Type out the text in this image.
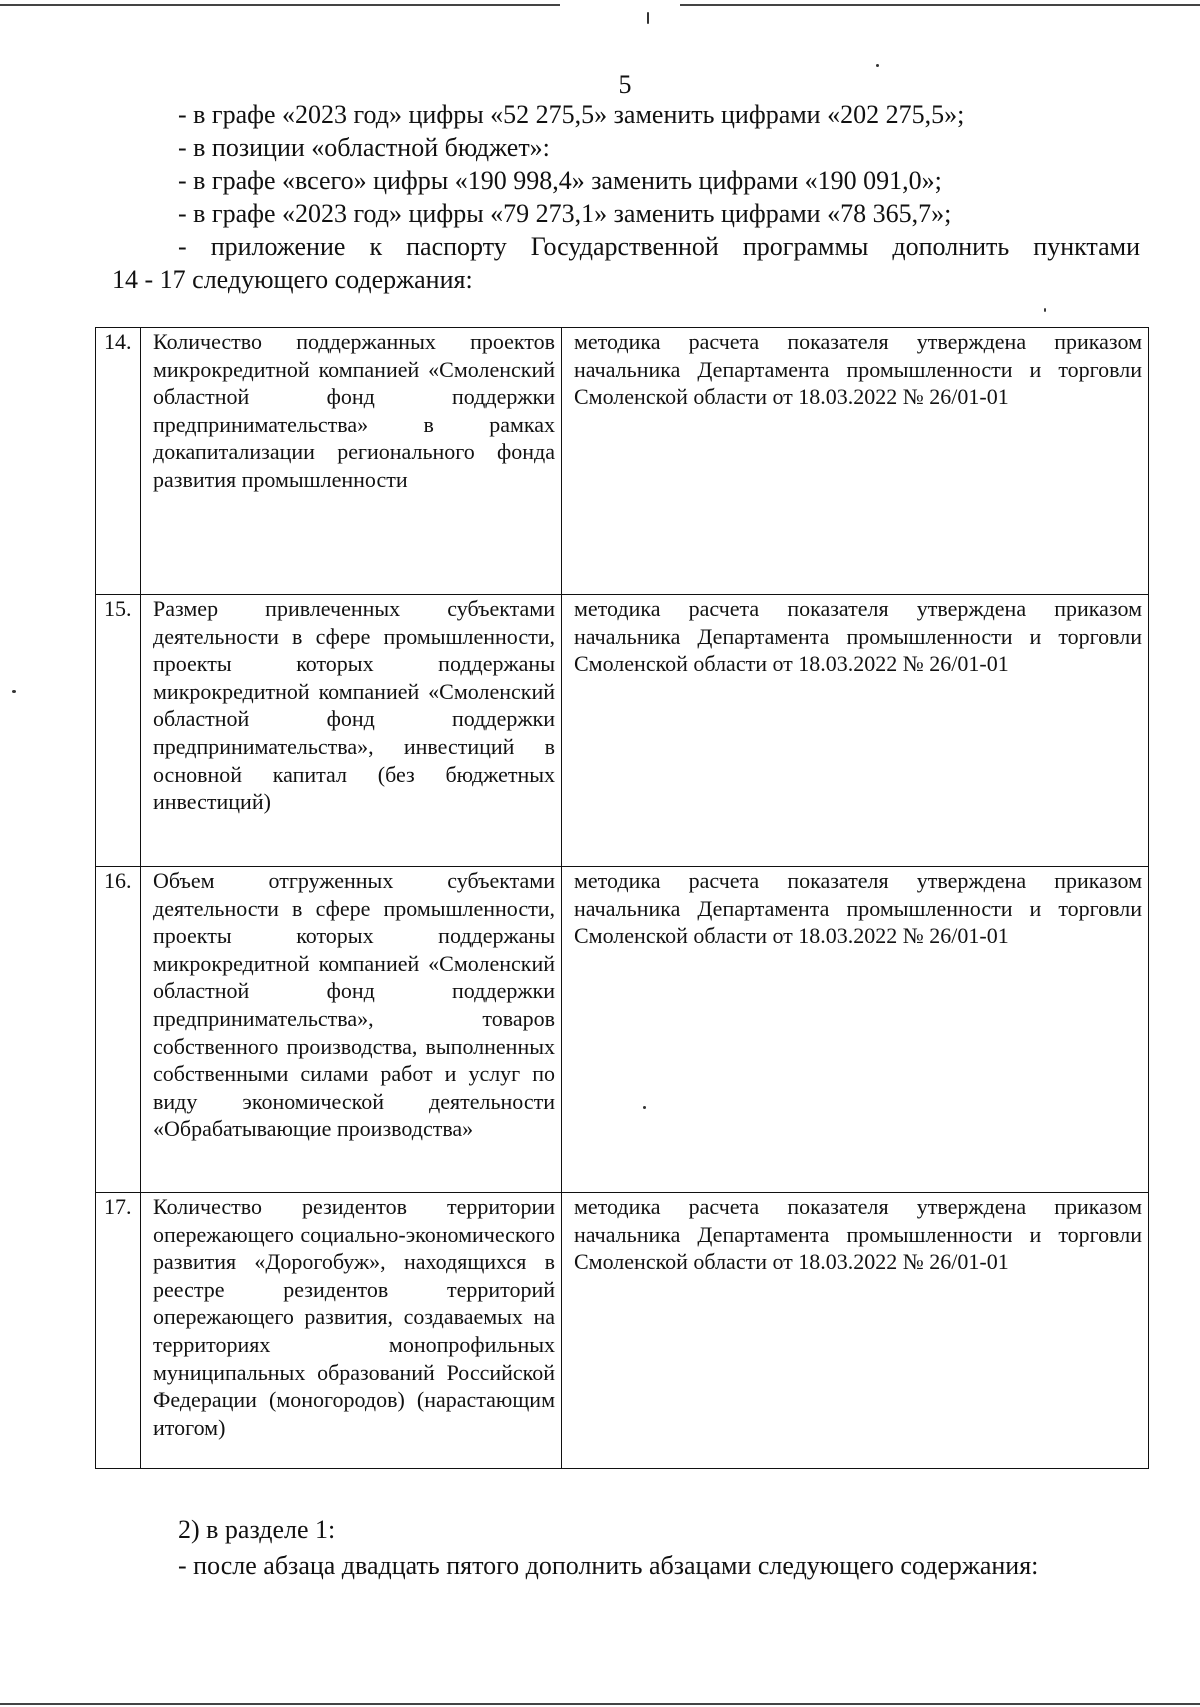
5

- в графе «2023 год» цифры «52 275,5» заменить цифрами «202 275,5»;

- в позиции «областной бюджет»:

- в графе «всего» цифры «190 998,4» заменить цифрами «190 091,0»;

- в графе «2023 год» цифры «79 273,1» заменить цифрами «78 365,7»;

- приложение к паспорту Государственной программы дополнить пунктами

14 - 17 следующего содержания:

14.	Количество поддержанных проектов микрокредитной компанией «Смоленский областной фонд поддержки предпринимательства» в рамках докапитализации регионального фонда развития промышленности	методика расчета показателя утверждена приказом начальника Департамента промышленности и торговли Смоленской области от 18.03.2022 № 26/01-01
15.	Размер привлеченных субъектами деятельности в сфере промышленности, проекты которых поддержаны микрокредитной компанией «Смоленский областной фонд поддержки предпринимательства», инвестиций в основной капитал (без бюджетных инвестиций)	методика расчета показателя утверждена приказом начальника Департамента промышленности и торговли Смоленской области от 18.03.2022 № 26/01-01
16.	Объем отгруженных субъектами деятельности в сфере промышленности, проекты которых поддержаны микрокредитной компанией «Смоленский областной фонд поддержки предпринимательства», товаров собственного производства, выполненных собственными силами работ и услуг по виду экономической деятельности «Обрабатывающие производства»	методика расчета показателя утверждена приказом начальника Департамента промышленности и торговли Смоленской области от 18.03.2022 № 26/01-01
17.	Количество резидентов территории опережающего социально-экономического развития «Дорогобуж», находящихся в реестре резидентов территорий опережающего развития, создаваемых на территориях монопрофильных муниципальных образований Российской Федерации (моногородов) (нарастающим итогом)	методика расчета показателя утверждена приказом начальника Департамента промышленности и торговли Смоленской области от 18.03.2022 № 26/01-01

2) в разделе 1:

- после абзаца двадцать пятого дополнить абзацами следующего содержания:
